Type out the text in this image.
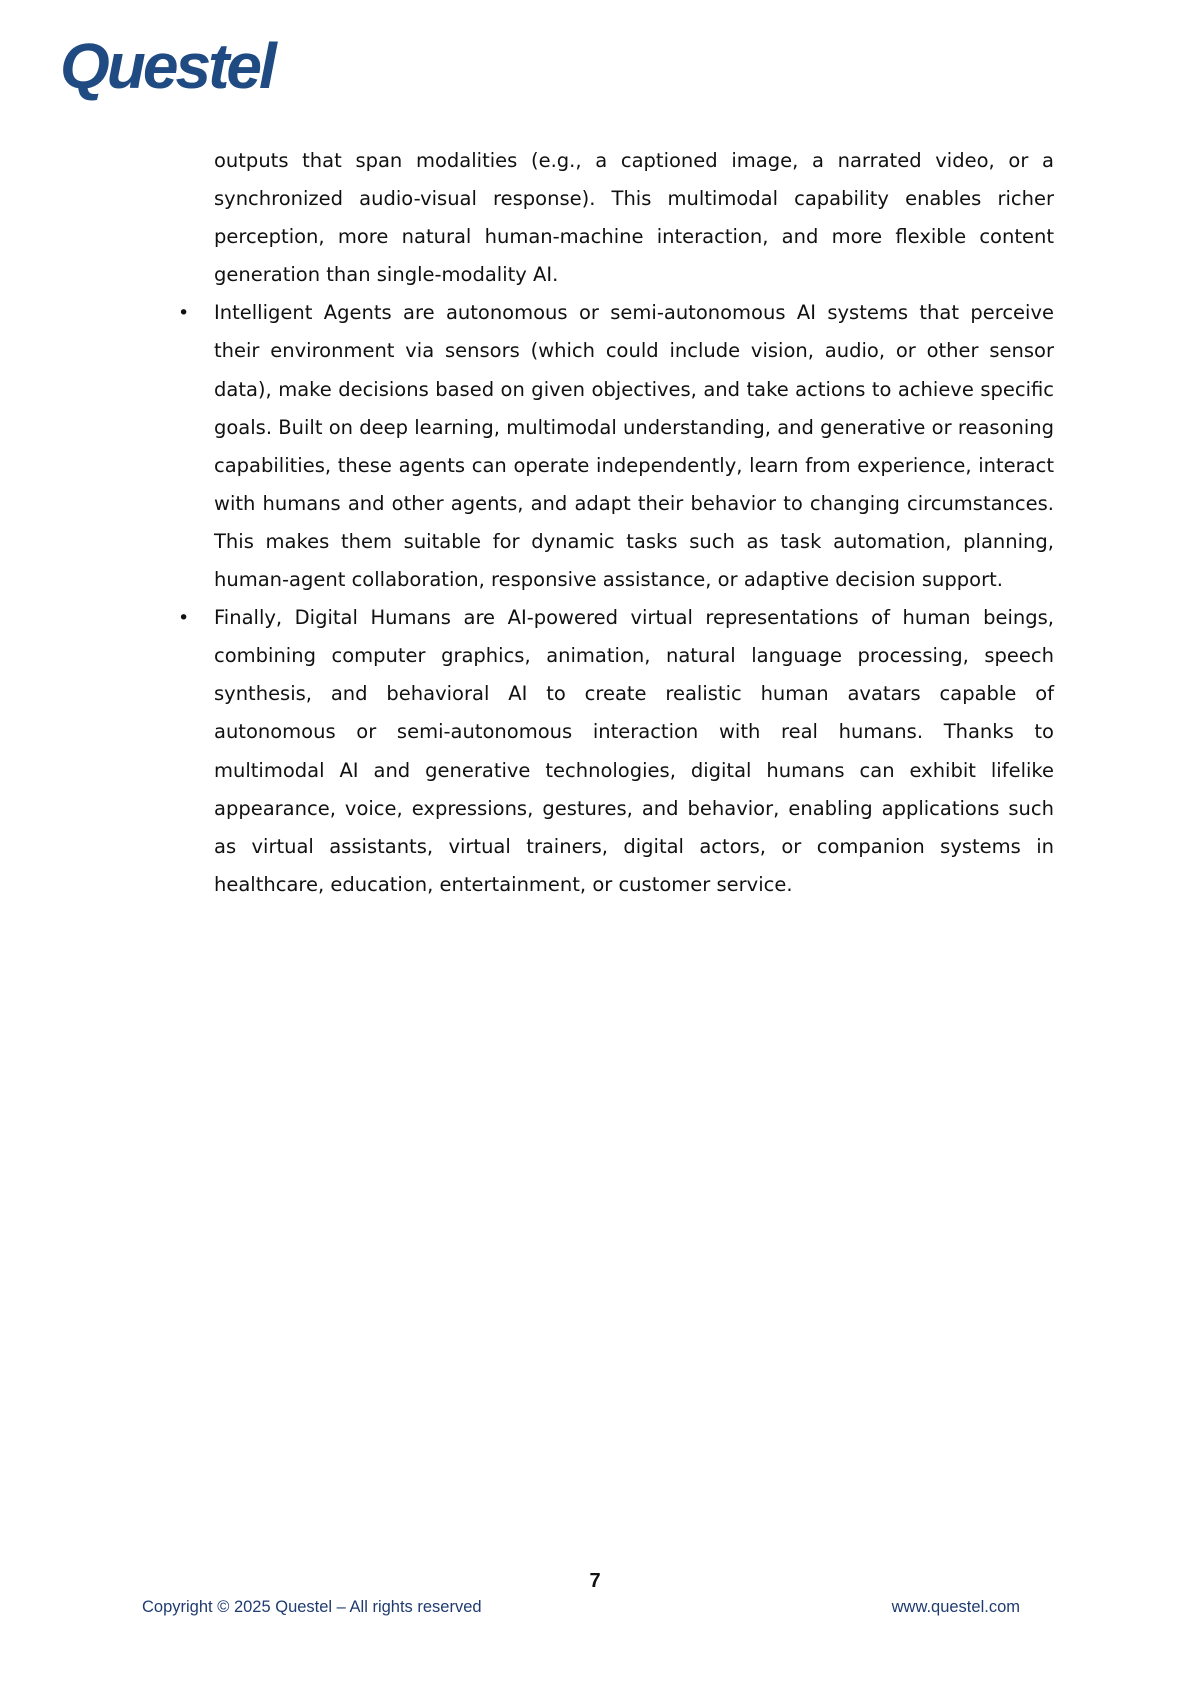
Questel

outputs that span modalities (e.g., a captioned image, a narrated video, or a synchronized audio-visual response). This multimodal capability enables richer perception, more natural human-machine interaction, and more flexible content generation than single-modality AI.

• Intelligent Agents are autonomous or semi-autonomous AI systems that perceive their environment via sensors (which could include vision, audio, or other sensor data), make decisions based on given objectives, and take actions to achieve specific goals. Built on deep learning, multimodal understanding, and generative or reasoning capabilities, these agents can operate independently, learn from experience, interact with humans and other agents, and adapt their behavior to changing circumstances. This makes them suitable for dynamic tasks such as task automation, planning, human-agent collaboration, responsive assistance, or adaptive decision support.
• Finally, Digital Humans are AI-powered virtual representations of human beings, combining computer graphics, animation, natural language processing, speech synthesis, and behavioral AI to create realistic human avatars capable of autonomous or semi-autonomous interaction with real humans. Thanks to multimodal AI and generative technologies, digital humans can exhibit lifelike appearance, voice, expressions, gestures, and behavior, enabling applications such as virtual assistants, virtual trainers, digital actors, or companion systems in healthcare, education, entertainment, or customer service.
7
Copyright © 2025 Questel – All rights reserved	www.questel.com
